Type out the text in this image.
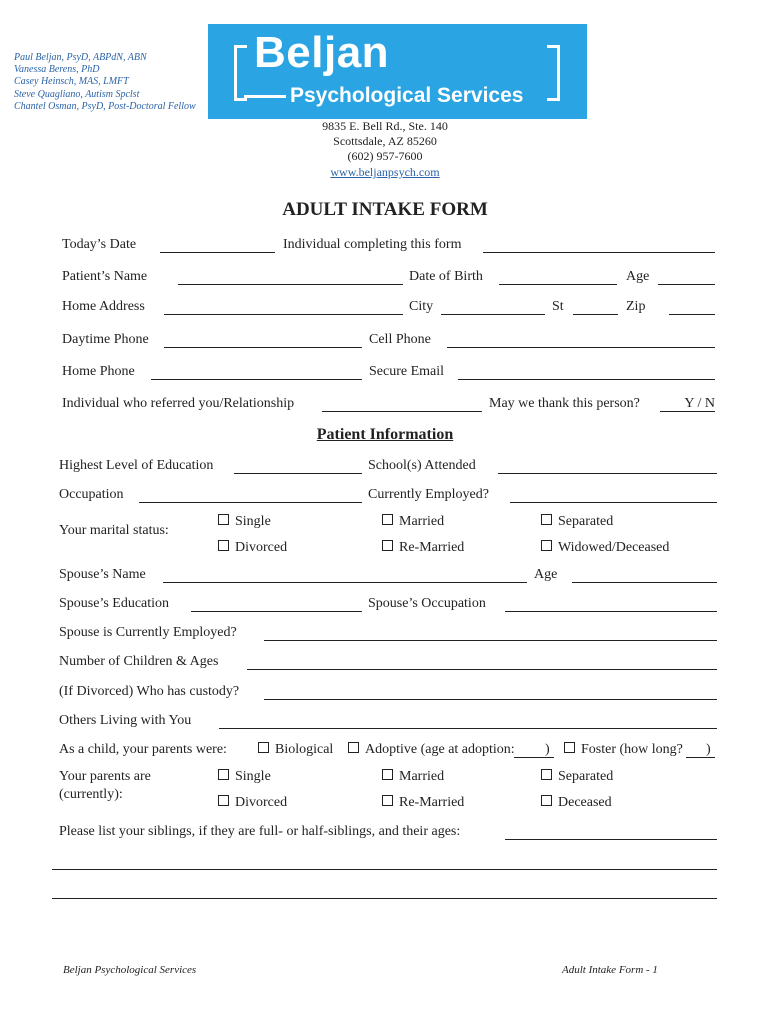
Paul Beljan, PsyD, ABPdN, ABN
Vanessa Berens, PhD
Casey Heinsch, MAS, LMFT
Steve Quagliano, Autism Spclst
Chantel Osman, PsyD, Post-Doctoral Fellow
Beljan
Psychological Services
9835 E. Bell Rd., Ste. 140
Scottsdale, AZ 85260
(602) 957-7600
www.beljanpsych.com
ADULT INTAKE FORM
Today’s Date	Individual completing this form
Patient’s Name	Date of Birth	Age
Home Address	City	St	Zip
Daytime Phone	Cell Phone
Home Phone	Secure Email
Individual who referred you/Relationship	May we thank this person?	Y / N
Patient Information
Highest Level of Education	School(s) Attended
Occupation	Currently Employed?
Your marital status:
Single	Married	Separated
Divorced	Re-Married	Widowed/Deceased
Spouse’s Name	Age
Spouse’s Education	Spouse’s Occupation
Spouse is Currently Employed?
Number of Children & Ages
(If Divorced) Who has custody?
Others Living with You
As a child, your parents were:	Biological	Adoptive (age at adoption: )	Foster (how long? )
Your parents are
(currently):
Single	Married	Separated
Divorced	Re-Married	Deceased
Please list your siblings, if they are full- or half-siblings, and their ages:
Beljan Psychological Services	Adult Intake Form - 1
